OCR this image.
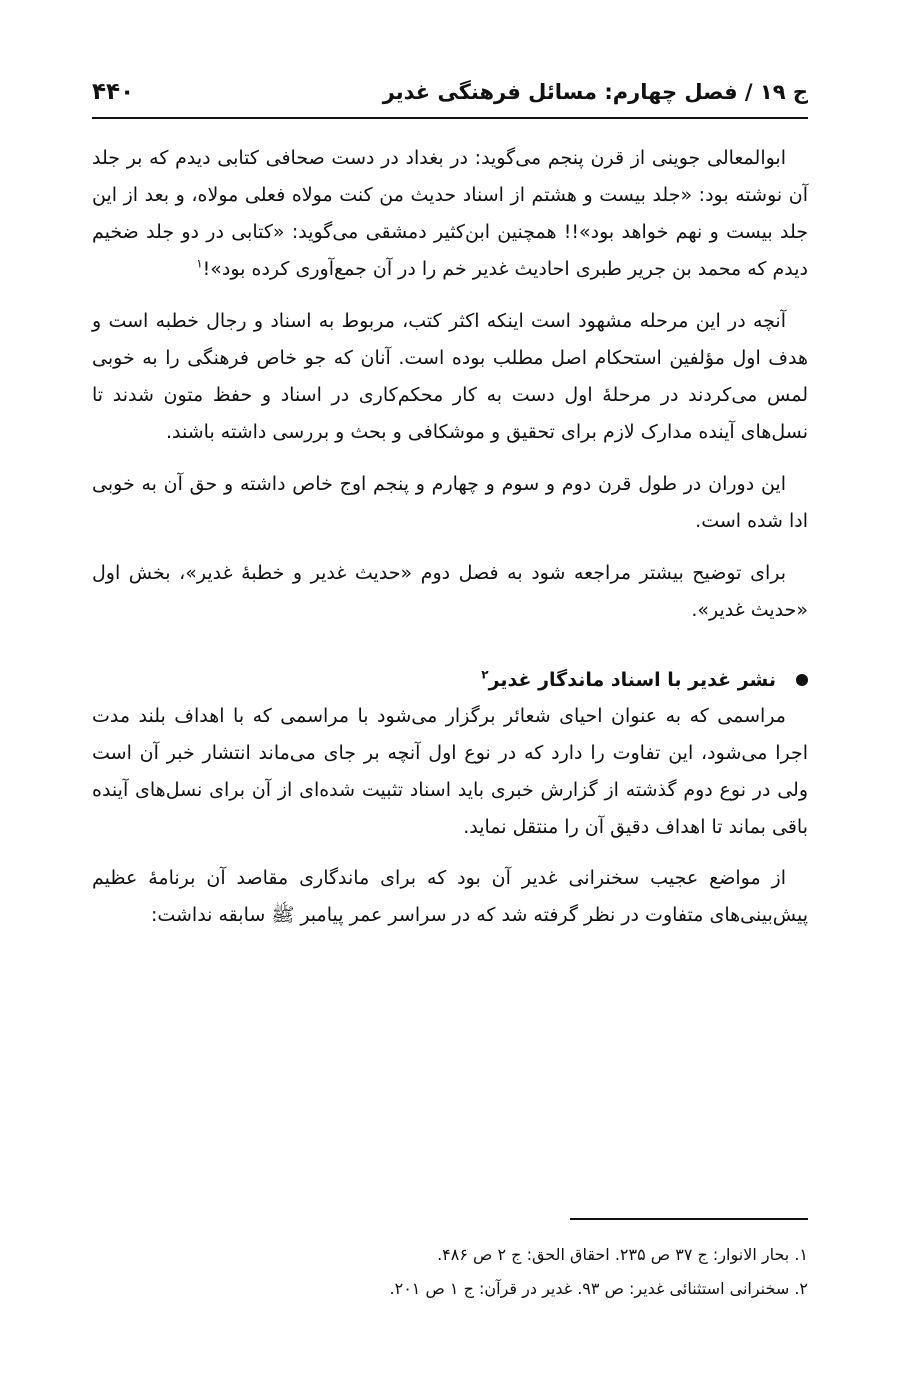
ج ۱۹ / فصل چهارم: مسائل فرهنگی غدیر
۴۴۰

ابوالمعالی جوینی از قرن پنجم می‌گوید: در بغداد در دست صحافی کتابی دیدم که بر جلد آن نوشته بود: «جلد بیست و هشتم از اسناد حدیث من کنت مولاه فعلی مولاه، و بعد از این جلد بیست و نهم خواهد بود»!! همچنین ابن‌کثیر دمشقی می‌گوید: «کتابی در دو جلد ضخیم دیدم که محمد بن جریر طبری احادیث غدیر خم را در آن جمع‌آوری کرده بود»!$^۱$

آنچه در این مرحله مشهود است اینکه اکثر کتب، مربوط به اسناد و رجال خطبه است و هدف اول مؤلفین استحکام اصل مطلب بوده است. آنان که جو خاص فرهنگی را به خوبی لمس می‌کردند در مرحلهٔ اول دست به کار محکم‌کاری در اسناد و حفظ متون شدند تا نسل‌های آینده مدارک لازم برای تحقیق و موشکافی و بحث و بررسی داشته باشند.

این دوران در طول قرن دوم و سوم و چهارم و پنجم اوج خاص داشته و حق آن به خوبی ادا شده است.

برای توضیح بیشتر مراجعه شود به فصل دوم «حدیث غدیر و خطبهٔ غدیر»، بخش اول «حدیث غدیر».

نشر غدیر با اسناد ماندگار غدیر$^۲$

مراسمی که به عنوان احیای شعائر برگزار می‌شود با مراسمی که با اهداف بلند مدت اجرا می‌شود، این تفاوت را دارد که در نوع اول آنچه بر جای می‌ماند انتشار خبر آن است ولی در نوع دوم گذشته از گزارش خبری باید اسناد تثبیت شده‌ای از آن برای نسل‌های آینده باقی بماند تا اهداف دقیق آن را منتقل نماید.

از مواضع عجیب سخنرانی غدیر آن بود که برای ماندگاری مقاصد آن برنامهٔ عظیم پیش‌بینی‌های متفاوت در نظر گرفته شد که در سراسر عمر پیامبر ﷺ سابقه نداشت:

۱. بحار الانوار: ج ۳۷ ص ۲۳۵. احقاق الحق: ج ۲ ص ۴۸۶.

۲. سخنرانی استثنائی غدیر: ص ۹۳. غدیر در قرآن: ج ۱ ص ۲۰۱.
